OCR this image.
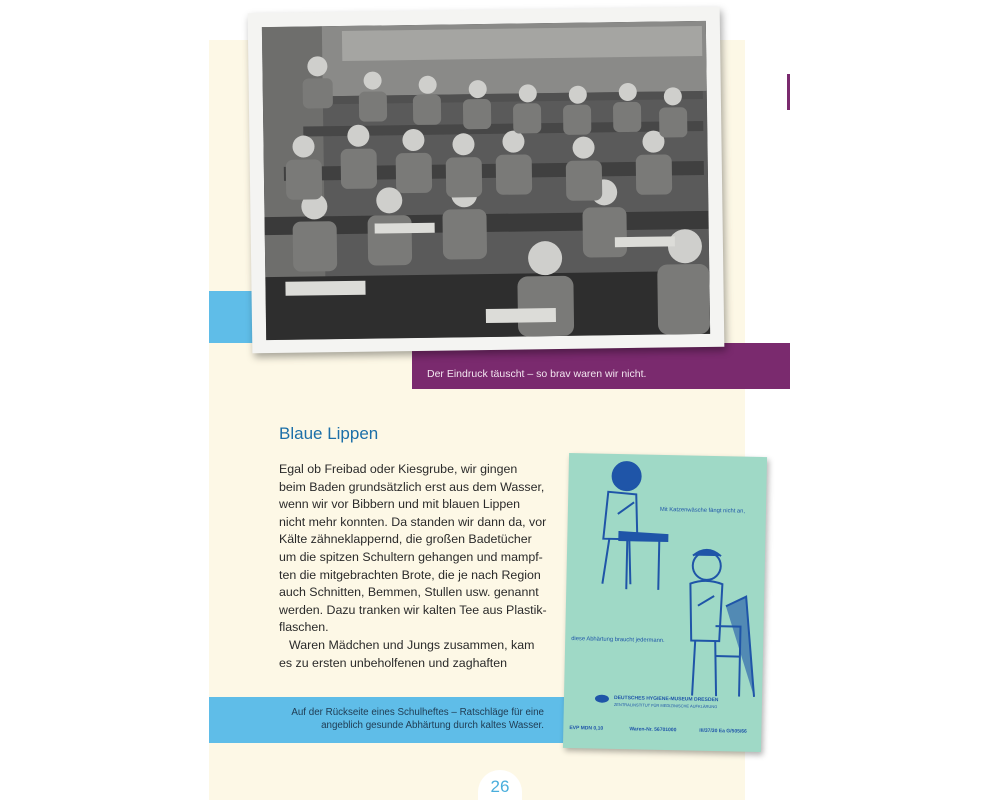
Der Eindruck täuscht – so brav waren wir nicht.
Blaue Lippen
Egal ob Freibad oder Kiesgrube, wir gingen
beim Baden grundsätzlich erst aus dem Wasser,
wenn wir vor Bibbern und mit blauen Lippen
nicht mehr konnten. Da standen wir dann da, vor
Kälte zähneklappernd, die großen Badetücher
um die spitzen Schultern gehangen und mampf-
ten die mitgebrachten Brote, die je nach Region
auch Schnitten, Bemmen, Stullen usw. genannt
werden. Dazu tranken wir kalten Tee aus Plastik-
flaschen.
Waren Mädchen und Jungs zusammen, kam
es zu ersten unbeholfenen und zaghaften
Auf der Rückseite eines Schulheftes – Ratschläge für eine
angeblich gesunde Abhärtung durch kaltes Wasser.
Mit Katzenwäsche fängt nicht an,
diese Abhärtung braucht jedermann.
DEUTSCHES HYGIENE-MUSEUM DRESDEN
ZENTRALINSTITUT FÜR MEDIZINISCHE AUFKLÄRUNG
EVP MDN 0,10	Waren-Nr. 56701000	III/37/30 Ea G/505/66
26
